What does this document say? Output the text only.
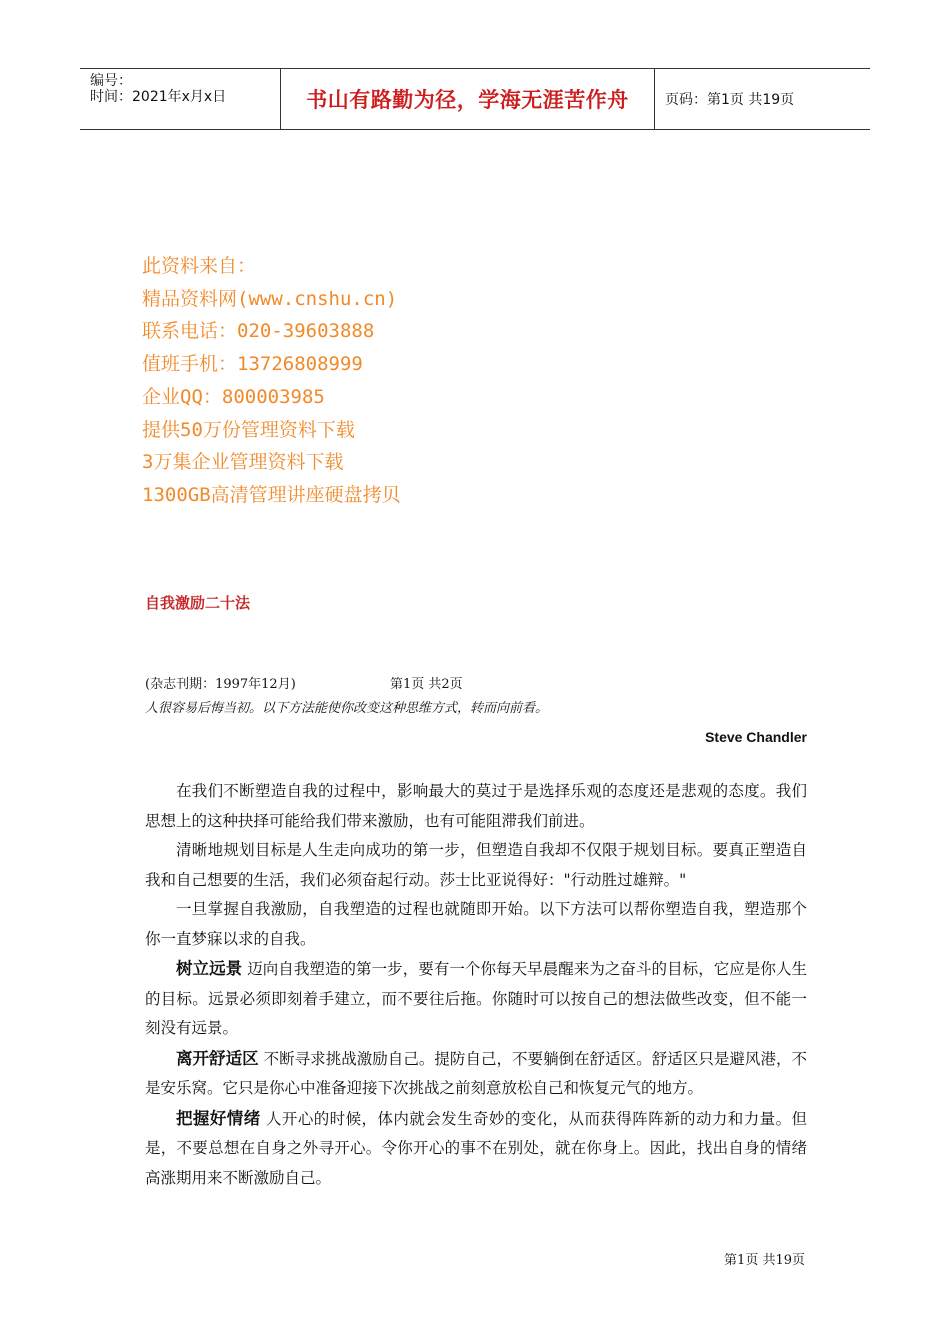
编号：
时间：2021年x月x日	书山有路勤为径，学海无涯苦作舟	页码：第1页 共19页
此资料来自：
精品资料网(www.cnshu.cn)
联系电话：020-39603888
值班手机：13726808999
企业QQ：800003985
提供50万份管理资料下载
3万集企业管理资料下载
1300GB高清管理讲座硬盘拷贝
自我激励二十法
(杂志刊期：1997年12月)	第1页 共2页
人很容易后悔当初。以下方法能使你改变这种思维方式，转而向前看。
Steve Chandler

在我们不断塑造自我的过程中，影响最大的莫过于是选择乐观的态度还是悲观的态度。我们思想上的这种抉择可能给我们带来激励，也有可能阻滞我们前进。

清晰地规划目标是人生走向成功的第一步，但塑造自我却不仅限于规划目标。要真正塑造自我和自己想要的生活，我们必须奋起行动。莎士比亚说得好："行动胜过雄辩。"

一旦掌握自我激励，自我塑造的过程也就随即开始。以下方法可以帮你塑造自我，塑造那个你一直梦寐以求的自我。

树立远景 迈向自我塑造的第一步，要有一个你每天早晨醒来为之奋斗的目标，它应是你人生的目标。远景必须即刻着手建立，而不要往后拖。你随时可以按自己的想法做些改变，但不能一刻没有远景。

离开舒适区 不断寻求挑战激励自己。提防自己，不要躺倒在舒适区。舒适区只是避风港，不是安乐窝。它只是你心中准备迎接下次挑战之前刻意放松自己和恢复元气的地方。

把握好情绪 人开心的时候，体内就会发生奇妙的变化，从而获得阵阵新的动力和力量。但是，不要总想在自身之外寻开心。令你开心的事不在别处，就在你身上。因此，找出自身的情绪高涨期用来不断激励自己。

第1页 共19页
